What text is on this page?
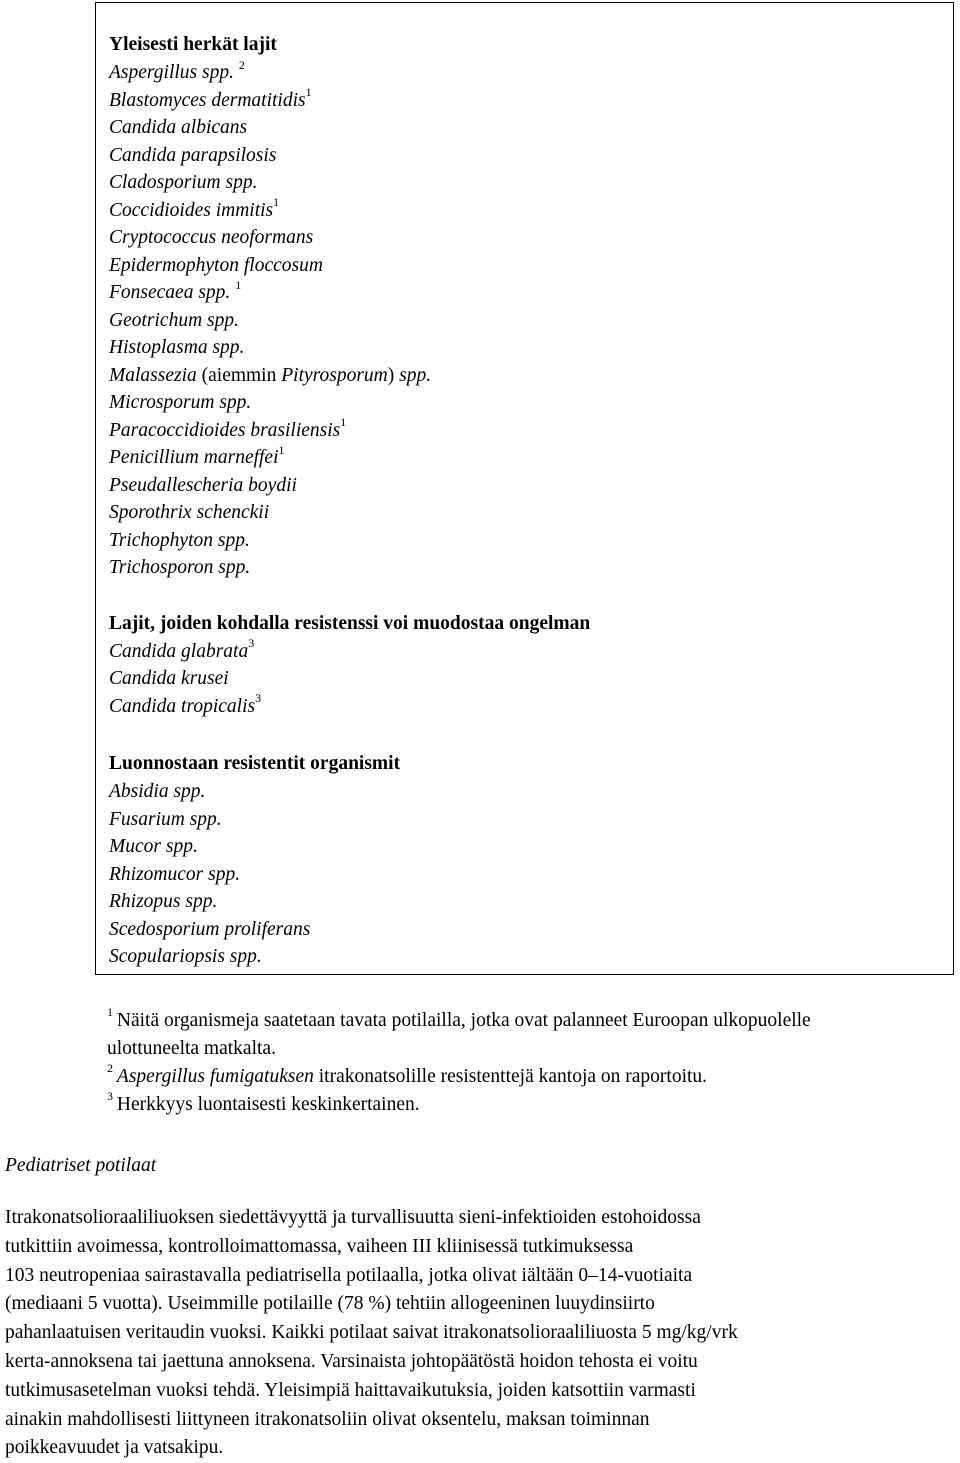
Yleisesti herkät lajit
Aspergillus spp. $^2$
Blastomyces dermatitidis$^1$
Candida albicans
Candida parapsilosis
Cladosporium spp.
Coccidioides immitis$^1$
Cryptococcus neoformans
Epidermophyton floccosum
Fonsecaea spp. $^1$
Geotrichum spp.
Histoplasma spp.
Malassezia (aiemmin Pityrosporum) spp.
Microsporum spp.
Paracoccidioides brasiliensis$^1$
Penicillium marneffei$^1$
Pseudallescheria boydii
Sporothrix schenckii
Trichophyton spp.
Trichosporon spp.
Lajit, joiden kohdalla resistenssi voi muodostaa ongelman
Candida glabrata$^3$
Candida krusei
Candida tropicalis$^3$
Luonnostaan resistentit organismit
Absidia spp.
Fusarium spp.
Mucor spp.
Rhizomucor spp.
Rhizopus spp.
Scedosporium proliferans
Scopulariopsis spp.
$^1$  Näitä organismeja saatetaan tavata potilailla, jotka ovat palanneet Euroopan ulkopuolelle ulottuneelta matkalta.
$^2$  Aspergillus fumigatuksen itrakonatsolille resistenttejä kantoja on raportoitu.
$^3$  Herkkyys luontaisesti keskinkertainen.
Pediatriset potilaat
Itrakonatsolioraaliliuoksen siedettävyyttä ja turvallisuutta sieni-infektioiden estohoidossa
tutkittiin avoimessa, kontrolloimattomassa, vaiheen III kliinisessä tutkimuksessa
103 neutropeniaa sairastavalla pediatrisella potilaalla, jotka olivat iältään 0–14-vuotiaita
(mediaani 5 vuotta). Useimmille potilaille (78 %) tehtiin allogeeninen luuydinsiirto
pahanlaatuisen veritaudin vuoksi. Kaikki potilaat saivat itrakonatsolioraaliliuosta 5 mg/kg/vrk
kerta-annoksena tai jaettuna annoksena. Varsinaista johtopäätöstä hoidon tehosta ei voitu
tutkimusasetelman vuoksi tehdä. Yleisimpiä haittavaikutuksia, joiden katsottiin varmasti
ainakin mahdollisesti liittyneen itrakonatsoliin olivat oksentelu, maksan toiminnan
poikkeavuudet ja vatsakipu.
